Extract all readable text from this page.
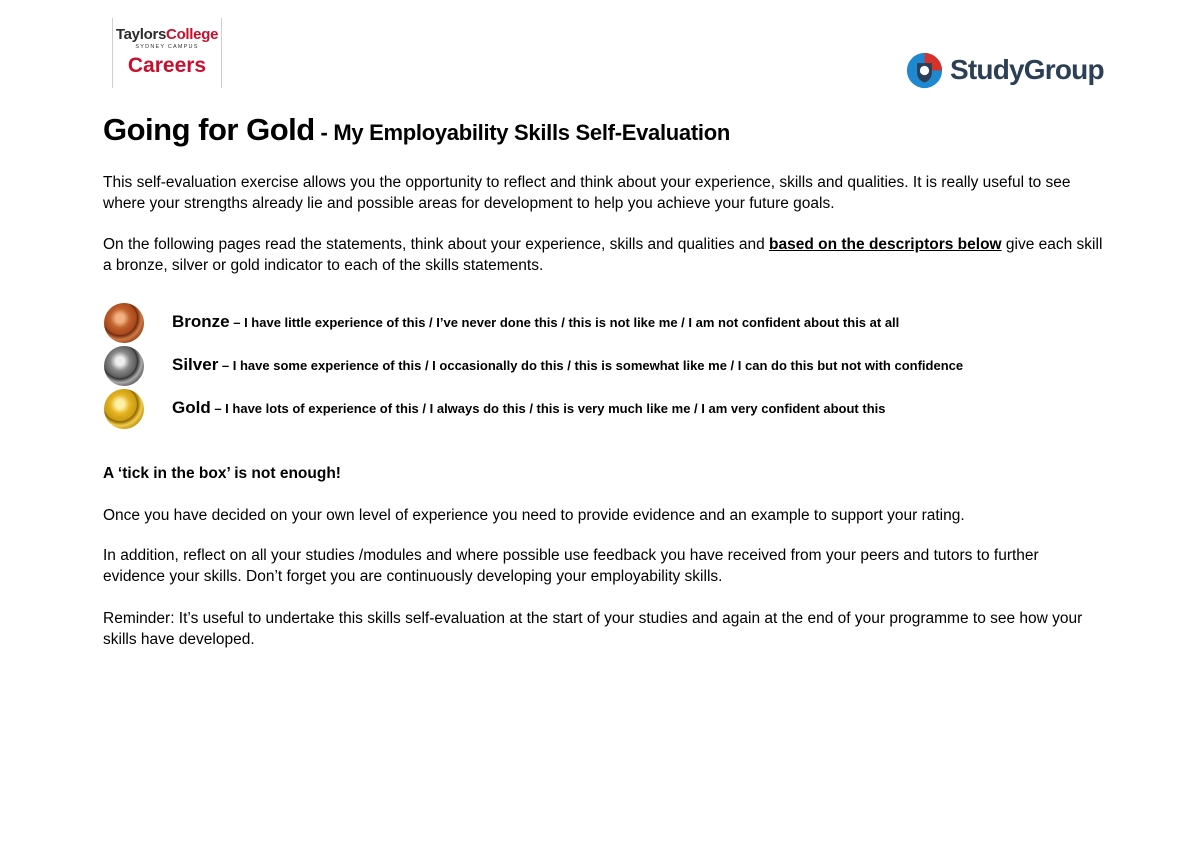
TaylorsCollege
SYDNEY CAMPUS
Careers	StudyGroup
Going for Gold - My Employability Skills Self-Evaluation
This self-evaluation exercise allows you the opportunity to reflect and think about your experience, skills and qualities. It is really useful to see where your strengths already lie and possible areas for development to help you achieve your future goals.
On the following pages read the statements, think about your experience, skills and qualities and based on the descriptors below give each skill a bronze, silver or gold indicator to each of the skills statements.
Bronze – I have little experience of this / I’ve never done this / this is not like me / I am not confident about this at all
Silver – I have some experience of this / I occasionally do this / this is somewhat like me / I can do this but not with confidence
Gold – I have lots of experience of this / I always do this / this is very much like me / I am very confident about this
A ‘tick in the box’ is not enough!
Once you have decided on your own level of experience you need to provide evidence and an example to support your rating.
In addition, reflect on all your studies /modules and where possible use feedback you have received from your peers and tutors to further evidence your skills. Don’t forget you are continuously developing your employability skills.
Reminder: It’s useful to undertake this skills self-evaluation at the start of your studies and again at the end of your programme to see how your skills have developed.
